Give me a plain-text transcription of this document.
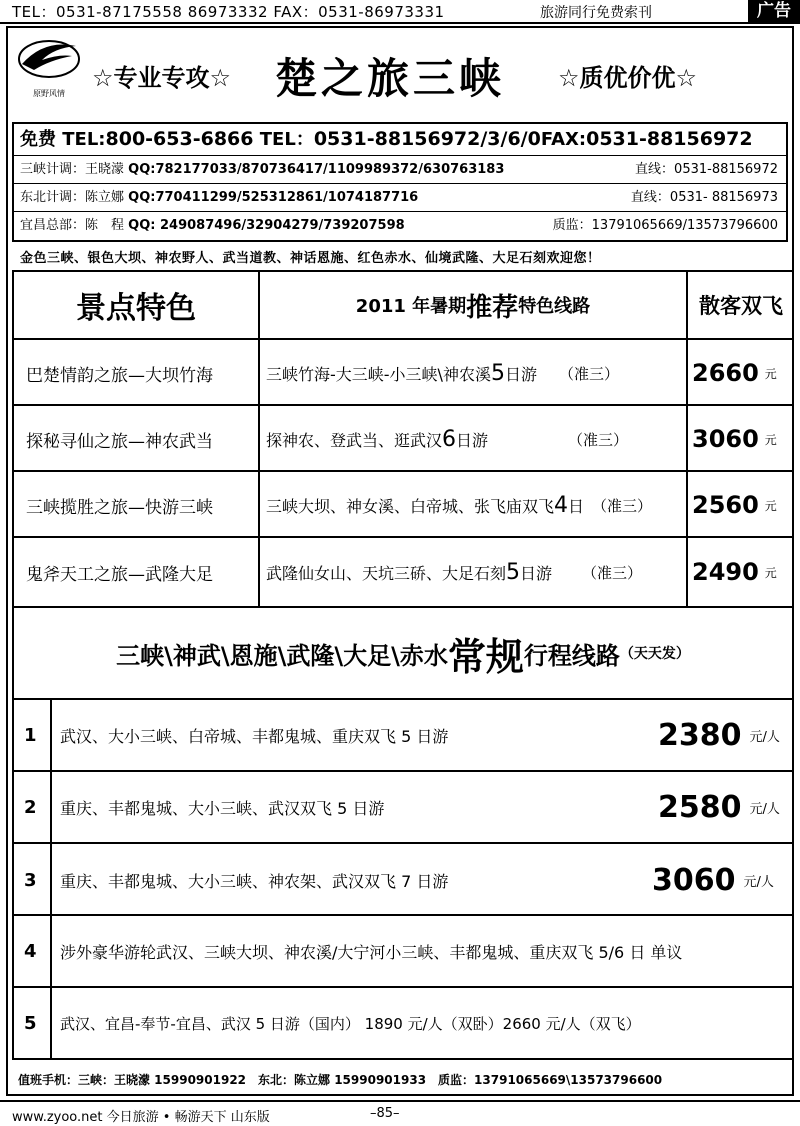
TEL：0531-87175558 86973332 FAX：0531-86973331	旅游同行免费索刊	广告
原野风情
☆专业专攻☆ 楚之旅三峡 ☆质优价优☆
免费 TEL:800-653-6866 TEL：0531-88156972/3/6/0FAX:0531-88156972
三峡计调：王晓濛 QQ:782177033/870736417/1109989372/630763183	直线：0531-88156972
东北计调：陈立娜 QQ:770411299/525312861/1074187716	直线：0531- 88156973
宜昌总部：陈　程 QQ: 249087496/32904279/739207598	质监：13791065669/13573796600
金色三峡、银色大坝、神农野人、武当道教、神话恩施、红色赤水、仙境武隆、大足石刻欢迎您！
景点特色	2011 年暑期 推荐 特色线路	散客双飞
巴楚情韵之旅—大坝竹海	三峡竹海-大三峡-小三峡\神农溪 5 日游 （准三）	2660 元
探秘寻仙之旅—神农武当	探神农、登武当、逛武汉 6 日游	（准三）	3060 元
三峡揽胜之旅—快游三峡	三峡大坝、神女溪、白帝城、张飞庙双飞 4 日 （准三） 2560 元
鬼斧天工之旅—武隆大足	武隆仙女山、天坑三硚、大足石刻 5 日游 （准三） 2490 元
三峡\神武\恩施\武隆\大足\赤水 常规 行程线路 （天天发）
1 武汉、大小三峡、白帝城、丰都鬼城、重庆双飞 5 日游	2380 元/人
2 重庆、丰都鬼城、大小三峡、武汉双飞 5 日游	2580 元/人
3 重庆、丰都鬼城、大小三峡、神农架、武汉双飞 7 日游	3060 元/人
4 涉外豪华游轮武汉、三峡大坝、神农溪/大宁河小三峡、丰都鬼城、重庆双飞 5/6 日 单议
5 武汉、宜昌-奉节-宜昌、武汉 5 日游（国内） 1890 元/人（双卧）2660 元/人（双飞）
值班手机：三峡：王晓濛 15990901922　东北：陈立娜 15990901933　质监：13791065669\13573796600
www.zyoo.net 今日旅游 • 畅游天下 山东版	–85–
